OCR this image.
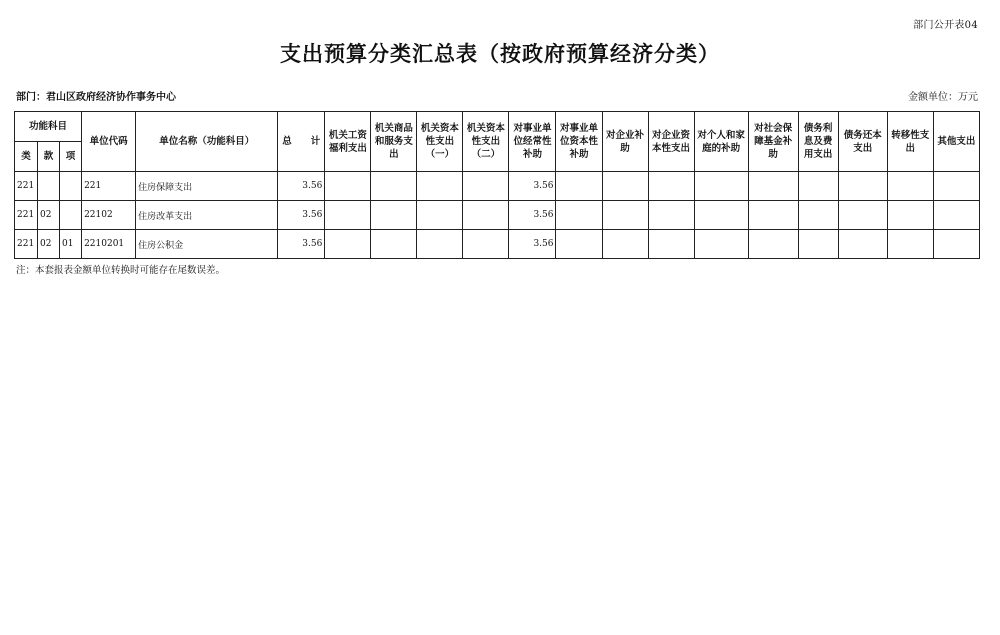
部门公开表04
支出预算分类汇总表（按政府预算经济分类）
部门：君山区政府经济协作事务中心	金额单位：万元
功能科目			单位代码	单位名称（功能科目）	总　　计	机关工资福利支出	机关商品和服务支出	机关资本性支出（一）	机关资本性支出（二）	对事业单位经常性补助	对事业单位资本性补助	对企业补助	对企业资本性支出	对个人和家庭的补助	对社会保障基金补助	债务利息及费用支出	债务还本支出	转移性支出	其他支出
类	款	项																	
221			221	住房保障支出	3.56					3.56									
221	02		22102	住房改革支出	3.56					3.56									
221	02	01	2210201	住房公积金	3.56					3.56									
注：本套报表金额单位转换时可能存在尾数误差。
